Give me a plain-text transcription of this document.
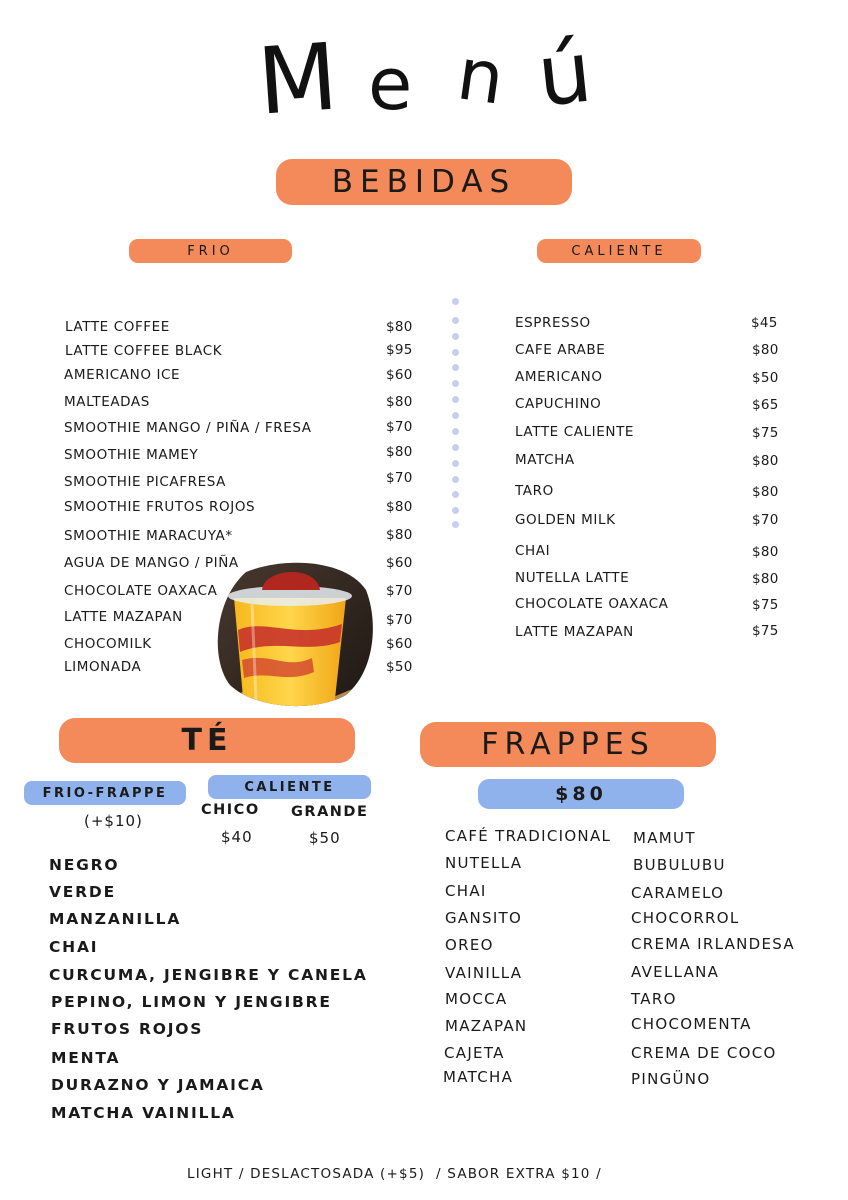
M e n ú
BEBIDAS
FRIO	CALIENTE
LATTE COFFEE	$80
LATTE COFFEE BLACK	$95
AMERICANO ICE	$60
MALTEADAS	$80
SMOOTHIE MANGO / PIÑA / FRESA	$70
SMOOTHIE MAMEY	$80
SMOOTHIE PICAFRESA	$70
SMOOTHIE FRUTOS ROJOS	$80
SMOOTHIE MARACUYA*	$80
AGUA DE MANGO / PIÑA	$60
CHOCOLATE OAXACA	$70
LATTE MAZAPAN	$70
CHOCOMILK	$60
LIMONADA	$50
ESPRESSO	$45
CAFE ARABE	$80
AMERICANO	$50
CAPUCHINO	$65
LATTE CALIENTE	$75
MATCHA	$80
TARO	$80
GOLDEN MILK	$70
CHAI	$80
NUTELLA LATTE	$80
CHOCOLATE OAXACA	$75
LATTE MAZAPAN	$75
TÉ	FRAPPES
FRIO-FRAPPE
(+$10)
CALIENTE
CHICO GRANDE
$40	$50
NEGRO
VERDE
MANZANILLA
CHAI
CURCUMA, JENGIBRE Y CANELA
PEPINO, LIMON Y JENGIBRE
FRUTOS ROJOS
MENTA
DURAZNO Y JAMAICA
MATCHA VAINILLA
$80
CAFÉ TRADICIONAL
NUTELLA
CHAI
GANSITO
OREO
VAINILLA
MOCCA
MAZAPAN
CAJETA
MATCHA
MAMUT
BUBULUBU
CARAMELO
CHOCORROL
CREMA IRLANDESA
AVELLANA
TARO
CHOCOMENTA
CREMA DE COCO
PINGÜNO
LIGHT / DESLACTOSADA (+$5)  / SABOR EXTRA $10 /
